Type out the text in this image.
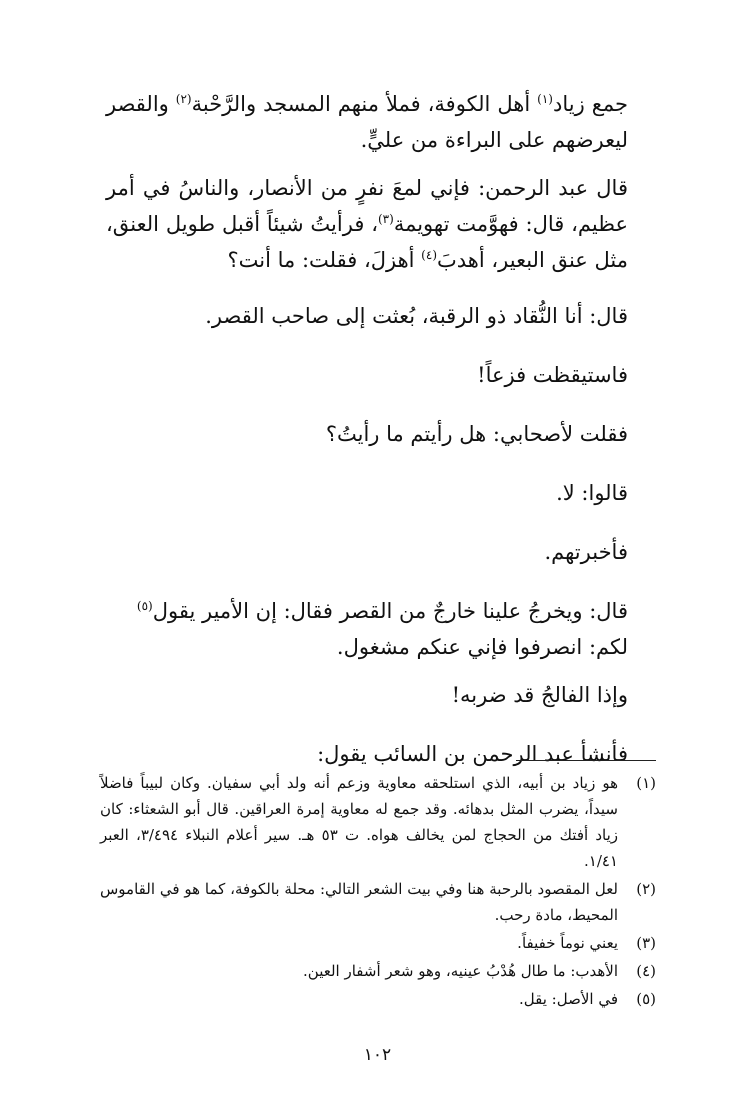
جمع زياد$^{(١)}$ أهل الكوفة، فملأ منهم المسجد والرَّحْبة$^{(٢)}$ والقصر ليعرضهم على البراءة من عليٍّ.

قال عبد الرحمن: فإني لمعَ نفرٍ من الأنصار، والناسُ في أمر عظيم، قال: فهوَّمت تهويمة$^{(٣)}$، فرأيتُ شيئاً أقبل طويل العنق، مثل عنق البعير، أهدبَ$^{(٤)}$ أهزلَ، فقلت: ما أنت؟

قال: أنا النُّقاد ذو الرقبة، بُعثت إلى صاحب القصر.

فاستيقظت فزعاً!

فقلت لأصحابي: هل رأيتم ما رأيتُ؟

قالوا: لا.

فأخبرتهم.

قال: ويخرجُ علينا خارجٌ من القصر فقال: إن الأمير يقول$^{(٥)}$ لكم: انصرفوا فإني عنكم مشغول.

وإذا الفالجُ قد ضربه!

فأنشأ عبد الرحمن بن السائب يقول:

(١)
هو زياد بن أبيه، الذي استلحقه معاوية وزعم أنه ولد أبي سفيان. وكان لبيباً فاضلاً سيداً، يضرب المثل بدهائه. وقد جمع له معاوية إمرة العراقين. قال أبو الشعثاء: كان زياد أفتك من الحجاج لمن يخالف هواه. ت ٥٣ هـ. سير أعلام النبلاء ٣/٤٩٤، العبر ١/٤١.
(٢)
لعل المقصود بالرحبة هنا وفي بيت الشعر التالي: محلة بالكوفة، كما هو في القاموس المحيط، مادة رحب.
(٣)
يعني نوماً خفيفاً.
(٤)
الأهدب: ما طال هُدْبُ عينيه، وهو شعر أشفار العين.
(٥)
في الأصل: يقل.
١٠٢
